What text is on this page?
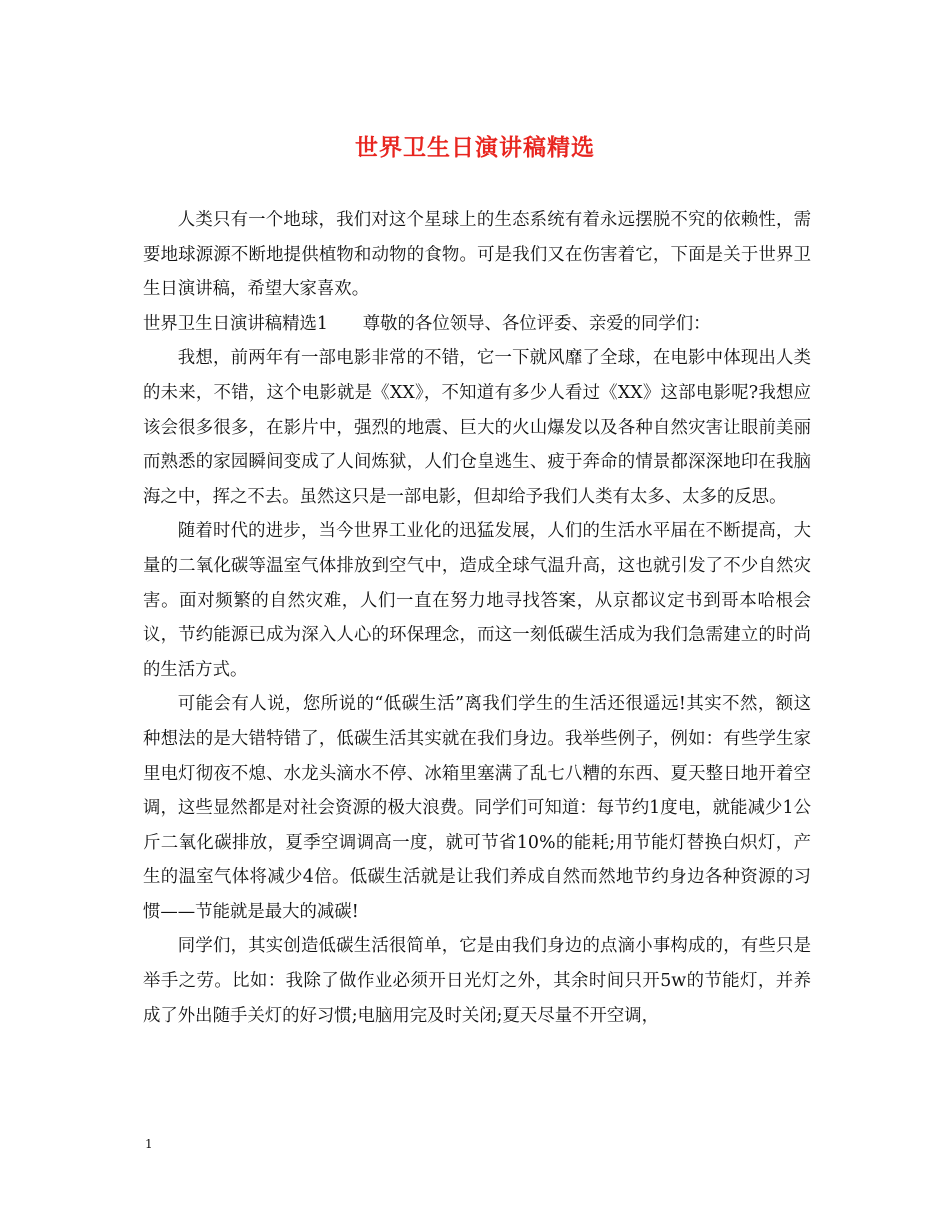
世界卫生日演讲稿精选

人类只有一个地球，我们对这个星球上的生态系统有着永远摆脱不究的依赖性，需要地球源源不断地提供植物和动物的食物。可是我们又在伤害着它，下面是关于世界卫生日演讲稿，希望大家喜欢。

世界卫生日演讲稿精选1　　尊敬的各位领导、各位评委、亲爱的同学们：

我想，前两年有一部电影非常的不错，它一下就风靡了全球，在电影中体现出人类的未来，不错，这个电影就是《XX》，不知道有多少人看过《XX》这部电影呢?我想应该会很多很多，在影片中，强烈的地震、巨大的火山爆发以及各种自然灾害让眼前美丽而熟悉的家园瞬间变成了人间炼狱，人们仓皇逃生、疲于奔命的情景都深深地印在我脑海之中，挥之不去。虽然这只是一部电影，但却给予我们人类有太多、太多的反思。

随着时代的进步，当今世界工业化的迅猛发展，人们的生活水平届在不断提高，大量的二氧化碳等温室气体排放到空气中，造成全球气温升高，这也就引发了不少自然灾害。面对频繁的自然灾难，人们一直在努力地寻找答案，从京都议定书到哥本哈根会议，节约能源已成为深入人心的环保理念，而这一刻低碳生活成为我们急需建立的时尚的生活方式。

可能会有人说，您所说的“低碳生活”离我们学生的生活还很遥远!其实不然，额这种想法的是大错特错了，低碳生活其实就在我们身边。我举些例子，例如：有些学生家里电灯彻夜不熄、水龙头滴水不停、冰箱里塞满了乱七八糟的东西、夏天整日地开着空调，这些显然都是对社会资源的极大浪费。同学们可知道：每节约1度电，就能减少1公斤二氧化碳排放，夏季空调调高一度，就可节省10%的能耗;用节能灯替换白炽灯，产生的温室气体将减少4倍。低碳生活就是让我们养成自然而然地节约身边各种资源的习惯——节能就是最大的减碳!

同学们，其实创造低碳生活很简单，它是由我们身边的点滴小事构成的，有些只是举手之劳。比如：我除了做作业必须开日光灯之外，其余时间只开5w的节能灯，并养成了外出随手关灯的好习惯;电脑用完及时关闭;夏天尽量不开空调，

1
